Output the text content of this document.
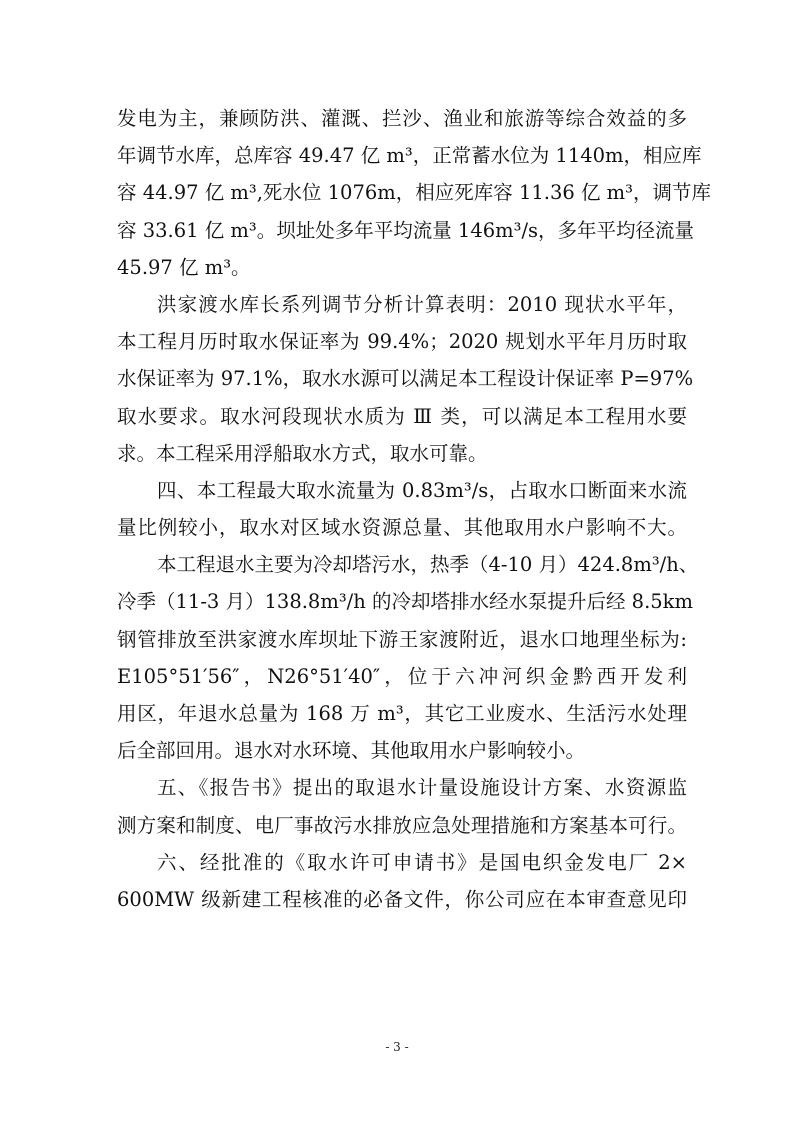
发电为主，兼顾防洪、灌溉、拦沙、渔业和旅游等综合效益的多
年调节水库，总库容 49.47 亿 m³，正常蓄水位为 1140m，相应库
容 44.97 亿 m³,死水位 1076m，相应死库容 11.36 亿 m³，调节库
容 33.61 亿 m³。坝址处多年平均流量 146m³/s，多年平均径流量
45.97 亿 m³。
洪家渡水库长系列调节分析计算表明：2010 现状水平年，
本工程月历时取水保证率为 99.4%；2020 规划水平年月历时取
水保证率为 97.1%，取水水源可以满足本工程设计保证率 P=97%
取水要求。取水河段现状水质为 Ⅲ 类，可以满足本工程用水要
求。本工程采用浮船取水方式，取水可靠。
四、本工程最大取水流量为 0.83m³/s，占取水口断面来水流
量比例较小，取水对区域水资源总量、其他取用水户影响不大。
本工程退水主要为冷却塔污水，热季（4-10 月）424.8m³/h、
冷季（11-3 月）138.8m³/h 的冷却塔排水经水泵提升后经 8.5km
钢管排放至洪家渡水库坝址下游王家渡附近，退水口地理坐标为:
E105°51′56″，N26°51′40″，位于六冲河织金黔西开发利
用区，年退水总量为 168 万 m³，其它工业废水、生活污水处理
后全部回用。退水对水环境、其他取用水户影响较小。
五、《报告书》提出的取退水计量设施设计方案、水资源监
测方案和制度、电厂事故污水排放应急处理措施和方案基本可行。
六、经批准的《取水许可申请书》是国电织金发电厂 2×
600MW 级新建工程核准的必备文件，你公司应在本审查意见印
- 3 -
